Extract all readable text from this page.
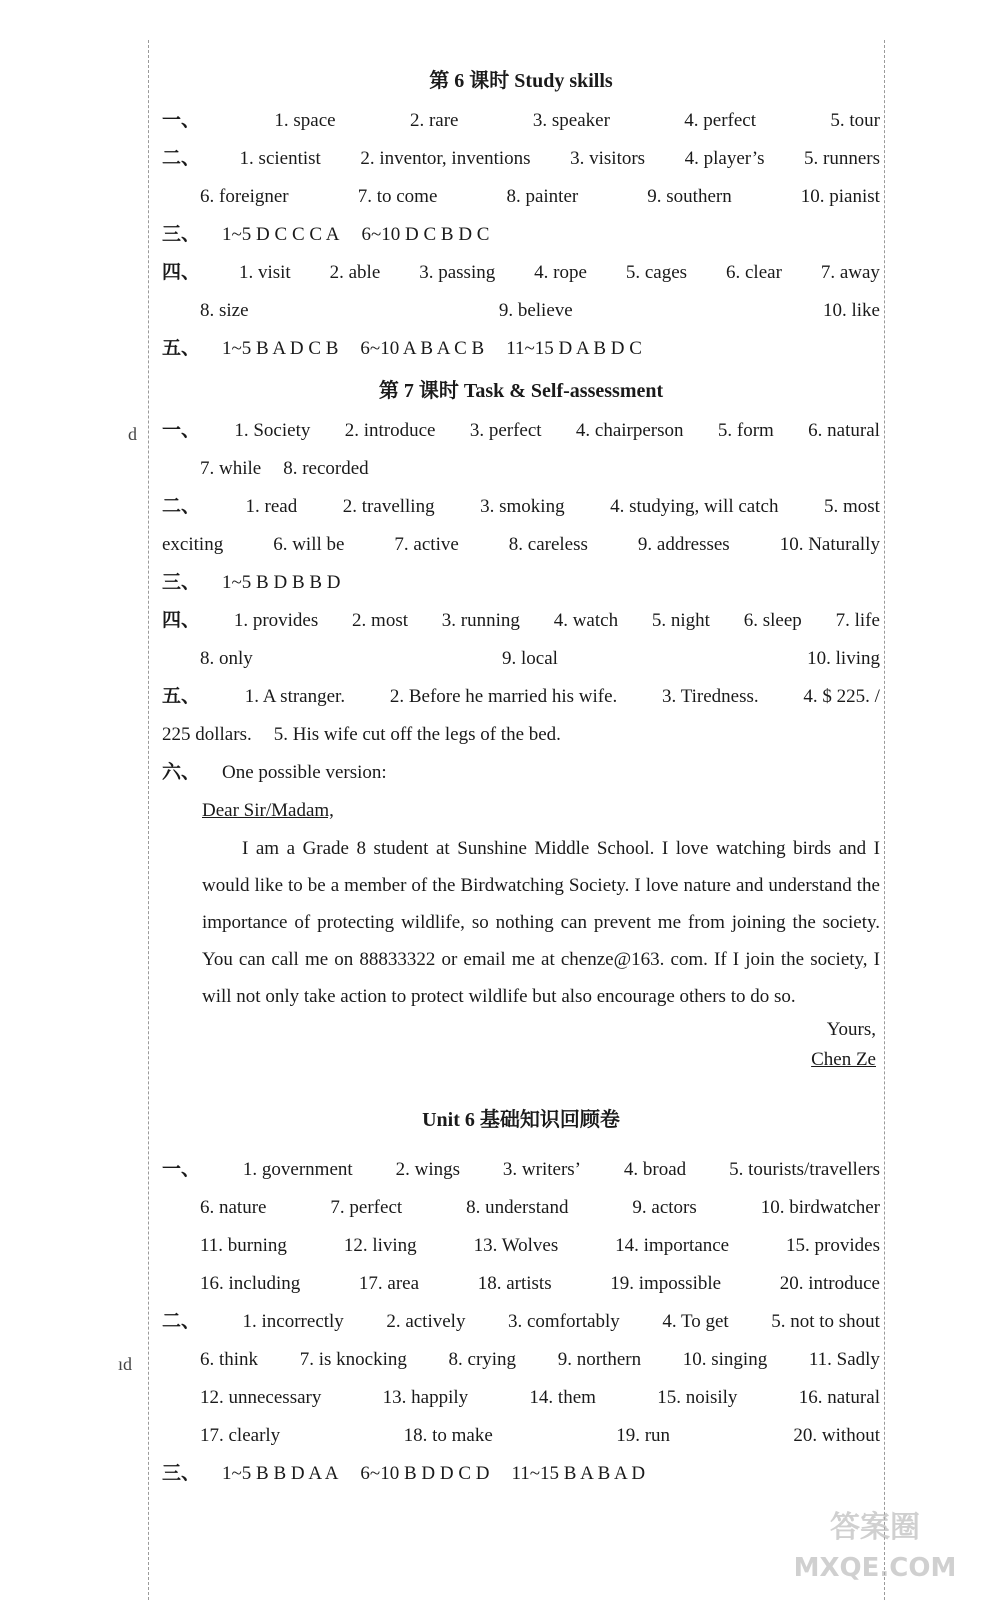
d
ıd
第 6 课时 Study skills
一、	1. space	2. rare	3. speaker	4. perfect	5. tour
二、 1. scientist 2. inventor, inventions 3. visitors 4. player’s 5. runners
6. foreigner	7. to come	8. painter	9. southern	10. pianist
三、 1~5 D C C C A 6~10 D C B D C
四、 1. visit 2. able 3. passing 4. rope 5. cages 6. clear 7. away
8. size	9. believe	10. like
五、 1~5 B A D C B 6~10 A B A C B 11~15 D A B D C
第 7 课时 Task & Self-assessment
一、 1. Society 2. introduce 3. perfect 4. chairperson 5. form 6. natural
7. while 8. recorded
二、 1. read 2. travelling 3. smoking 4. studying, will catch 5. most
exciting	6. will be	7. active	8. careless	9. addresses	10. Naturally
三、 1~5 B D B B D
四、 1. provides 2. most 3. running 4. watch 5. night 6. sleep 7. life
8. only	9. local	10. living
五、 1. A stranger. 2. Before he married his wife. 3. Tiredness. 4. $ 225. /
225 dollars. 5. His wife cut off the legs of the bed.
六、 One possible version:
Dear Sir/Madam,

I am a Grade 8 student at Sunshine Middle School. I love watching birds and I would like to be a member of the Birdwatching Society. I love nature and understand the importance of protecting wildlife, so nothing can prevent me from joining the society. You can call me on 88833322 or email me at chenze@163. com. If I join the society, I will not only take action to protect wildlife but also encourage others to do so.

Yours,
Chen Ze
Unit 6 基础知识回顾卷
一、 1. government 2. wings 3. writers’ 4. broad 5. tourists/travellers
6. nature	7. perfect	8. understand	9. actors	10. birdwatcher
11. burning	12. living	13. Wolves	14. importance	15. provides
16. including	17. area	18. artists	19. impossible	20. introduce
二、 1. incorrectly 2. actively 3. comfortably 4. To get 5. not to shout
6. think 7. is knocking 8. crying 9. northern 10. singing 11. Sadly
12. unnecessary	13. happily	14. them	15. noisily	16. natural
17. clearly	18. to make	19. run	20. without
三、 1~5 B B D A A 6~10 B D D C D 11~15 B A B A D
答案圈
MXQE.COM
